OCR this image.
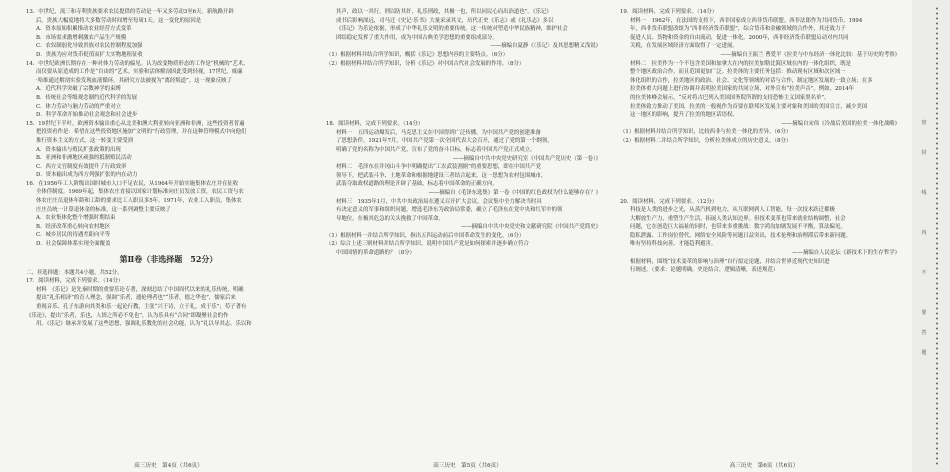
13．中世纪，流三和寺利贵族要求农民提供的劳动是一年又多劳动3至6天。新航路开辟

后，贵族大幅度地将大多数劳动时间增至每周1天。这一变化的原因是

A．资本原始积累推动农业经营方式变革

B．市场需求激增刺激农产品生产规模

C．农奴制弱化导致贵族对农民控制程度加强

D．贵族为应对货币贬值而扩大实物地租征收

14．中世纪欧洲长期存在一种对体力劳动的偏见。认为改变物质形态的工作是“机械的”艺术，

而仅要从原造成的工作是“自由的”艺术。实验和活体解剖因此受到轻视。17世纪，威廉

·哈维通过解剖实验发现血液循环，其研究方法被视为“离经叛道”。这一现象反映了

A．近代科学突破了宗教神学的束缚

B．传统社会等级观念制约近代科学的发展

C．体力劳动与脑力劳动的严重对立

D．科学革命开始推动社会观念和社会进步

15．19世纪下半叶，欧洲资本输出重心从北美和澳大利亚转向亚洲和非洲，这些投资者普遍

把投资看作是：希望在这些投资地区施加“文明的”行政管理，并在这种管理模式中向他们

推行资本主义的方式。这一转变主要受到

A．资本输出与殖民扩张政策的出现

B．亚洲和非洲地区顽强的抵制殖民活动

C．西方文官制度有效提升了行政效率

D．资本输出成为西方列强扩张的内在动力

16．在1956年工人阶级出国时城市人口不足农民，从1964年开始实施集体农庄并在征收

全体俘制度。1969年起，集体农庄直接以国家计划标准向庄员发放工资，农民工资与农

体农庄庄员退休年龄和工龄的要求比工人职员多5年。1971年，农业工人职员，集体农

庄庄员统一计算退休金的标准，这一系列调整主要反映了

A．农业集体化整个增强时期结束

B．经济改革重心转向农村地区

C．城乡居民的待遇差距向平等

D．社会保障体系实现全面覆盖

第Ⅱ卷（非选择题　52分）

二、非选择题：本题共4小题，共52分。

17．阅读材料，完成下列要求。（14分）

材料　《乐记》是先秦时期的重要乐论专著，深刻总结了中国周代以来的礼乐传统，明确

提出“礼乐相济”的育人理念，强调“乐者，通伦理者也”“乐者，德之华也”，儒家后来

重视音乐、孔子东游向其类和乐一起论行教，主张“兴于诗，立于礼，成于乐”；苟子著有

《乐论》，提出“乐者，乐也，人情之所必不免也”，认为乐具有“合同”即凝聚社会的作

用。《乐记》继承并发展了这些思想，强调礼乐教化的社会功能，认为“礼以导其志，乐以和

其声，政以一其行，刑以防其奸，礼乐刑政，其极一也，所以同民心而出治道也”。《乐记》

成书后影响深远，司马迁《史记·乐书》大量采录其文，历代正史《乐志》或《礼乐志》多以

《乐记》为乐论依据，形成了中华礼乐文明的重要传统。这一传统对塑造中华民族精神，维护社会

团结稳定发挥了重大作用，成为中国古典美学思想的重要组成部分。

——摘编自夏静《〈乐记〉及其思想精义浅说》

（1）根据材料并结合所学知识，概括《乐记》思想内容的主要特点。（6分）

（2）根据材料并结合所学知识，分析《乐记》对中国古代社会发展的作用。（8分）

18．阅读材料，完成下列要求。（14分）

材料一　五四运动爆发后，马克思主义在中国得到广泛传播，为中国共产党的创建准备

了思想条件。1921年7月，中国共产党第一次全国代表大会召开，通过了党的第一个纲领，

明确了党的名称为中国共产党，宣布了党的奋斗目标，标志着中国共产党正式成立。

——摘编自中共中央党史研究室《中国共产党历史（第一卷）》

材料二　毛泽东在井冈山斗争中明确提出“工农武装割据”的重要思想，即在中国共产党

领导下，把武装斗争、土地革命和根据地建设三者结合起来，这一思想为农村包围城市，

武装夺取政权道路的理论开辟了基础，标志着中国革命的正确方向。

——摘编自《毛泽东选集》第一卷《中国的红色政权为什么能够存在？》

材料三　1935年1月，中共中央政治局在遵义召开扩大会议，会议集中全力解决当时具

有决定意义的军事和组织问题，增选毛泽东为政治局常委，确立了毛泽东在党中央和红军中的领

导地位，在极其危急的关头挽救了中国革命。

——摘编自中共中央党史和文献研究院《中国共产党简史》

（1）根据材料一并结合所学知识，指出五四运动前后中国革命发生的变化。（6分）

（2）综合上述三则材料并结合所学知识，说明中国共产党是如何探索并逐步确立符合

中国国情的革命道路的？（8分）

19．阅读材料，完成下列要求。（14分）

材料一　1962年，在法国的支持下，西非国家成立西非货币联盟。西非法郎作为共同货币。1994

年，西非货币联盟改组为“西非经济货币联盟”，综合货币和金融领域的合作外，其还致力于

促进人员、货物和资金的自由流动，促进一体化。2000年，西非经济货币联盟启动对内共同

关税，在发展区域经济方面取得了一定进展。

——摘编自王振兰 曹爱平《拉美与中东经济一体化比较：基于历史的考察》

材料二　拉美作为一个不包含美国和加拿大在内的拉美加勒比海区域在内的一体化组织，既是

整个地区政治合作，而且范围更加广泛。拉美体的主要任务包括：推动现有区域和次区域一

体化组织的合作，拉美地区的政治、社会、文化等领域的对话与合作，制定地区发展的一致立场；在多

拉美体重大问题上进行协调并表明拉美国家的共同立场，对外宣布“拉美声音”。例如，2014年

的拉美体峰会展示，“反对将古巴列入美国国务院所谓的支持恐怖主义国家黑名单”，

拉美体致力推动了美国，拉美的一般视作为首要在联邦区发展主要对象和美国的美国宣言，减少美国

这一地区的影响，提升了拉美的地区话语权。

——摘编自宋伟《冷战后美国的拉美一体化战略》

（1）根据材料并结合所学知识，比较西非与拉美一体化的差异。（6分）

（2）根据材料二并结合所学知识，分析拉美体成立的历史意义。（8分）

20．阅读材料，完成下列要求。（12分）

科技是人类的进步之光，从蒸汽机到电力，从互联网到人工智能，每一次技术跃迁都极

大解放生产力，重塑生产生活，拓展人类认知边界。但技术变革也带来就业结构调整、社会

问题，它在创造巨大福祉的同时，也带来多重挑战：数字鸿沟加剧发展不平衡，算法偏见，

隐私泄露、工作岗位替代、网络安全风险等问题日益突出，技术伦理和治理滞后带来新问题。

唯有坚持科技向善，才能趋利避害。

——摘编自人民论坛《新技术下的生存哲学》

根据材料，围绕“技术变革的影响与治理”自行拟定论题，并结合世界近现代史知识进

行阐述。（要求：论题明确，史论结合，逻辑清晰，表述规范）

高三历史　第4页（共6页）	高三历史　第5页（共6页）	高三历史　第6页（共6页）
密
封
线
内
不
要
答
题
